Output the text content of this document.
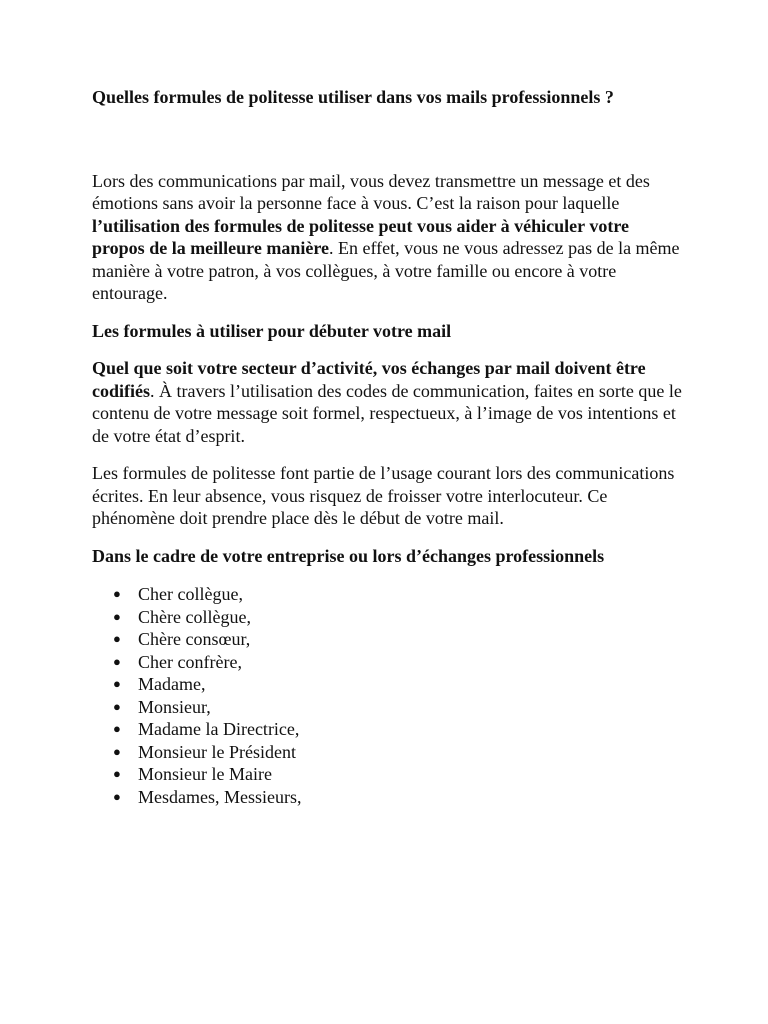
Quelles formules de politesse utiliser dans vos mails professionnels ?

Lors des communications par mail, vous devez transmettre un message et des émotions sans avoir la personne face à vous. C’est la raison pour laquelle l’utilisation des formules de politesse peut vous aider à véhiculer votre propos de la meilleure manière. En effet, vous ne vous adressez pas de la même manière à votre patron, à vos collègues, à votre famille ou encore à votre entourage.

Les formules à utiliser pour débuter votre mail

Quel que soit votre secteur d’activité, vos échanges par mail doivent être codifiés. À travers l’utilisation des codes de communication, faites en sorte que le contenu de votre message soit formel, respectueux, à l’image de vos intentions et de votre état d’esprit.

Les formules de politesse font partie de l’usage courant lors des communications écrites. En leur absence, vous risquez de froisser votre interlocuteur. Ce phénomène doit prendre place dès le début de votre mail.

Dans le cadre de votre entreprise ou lors d’échanges professionnels

● Cher collègue,
● Chère collègue,
● Chère consœur,
● Cher confrère,
● Madame,
● Monsieur,
● Madame la Directrice,
● Monsieur le Président
● Monsieur le Maire
● Mesdames, Messieurs,
